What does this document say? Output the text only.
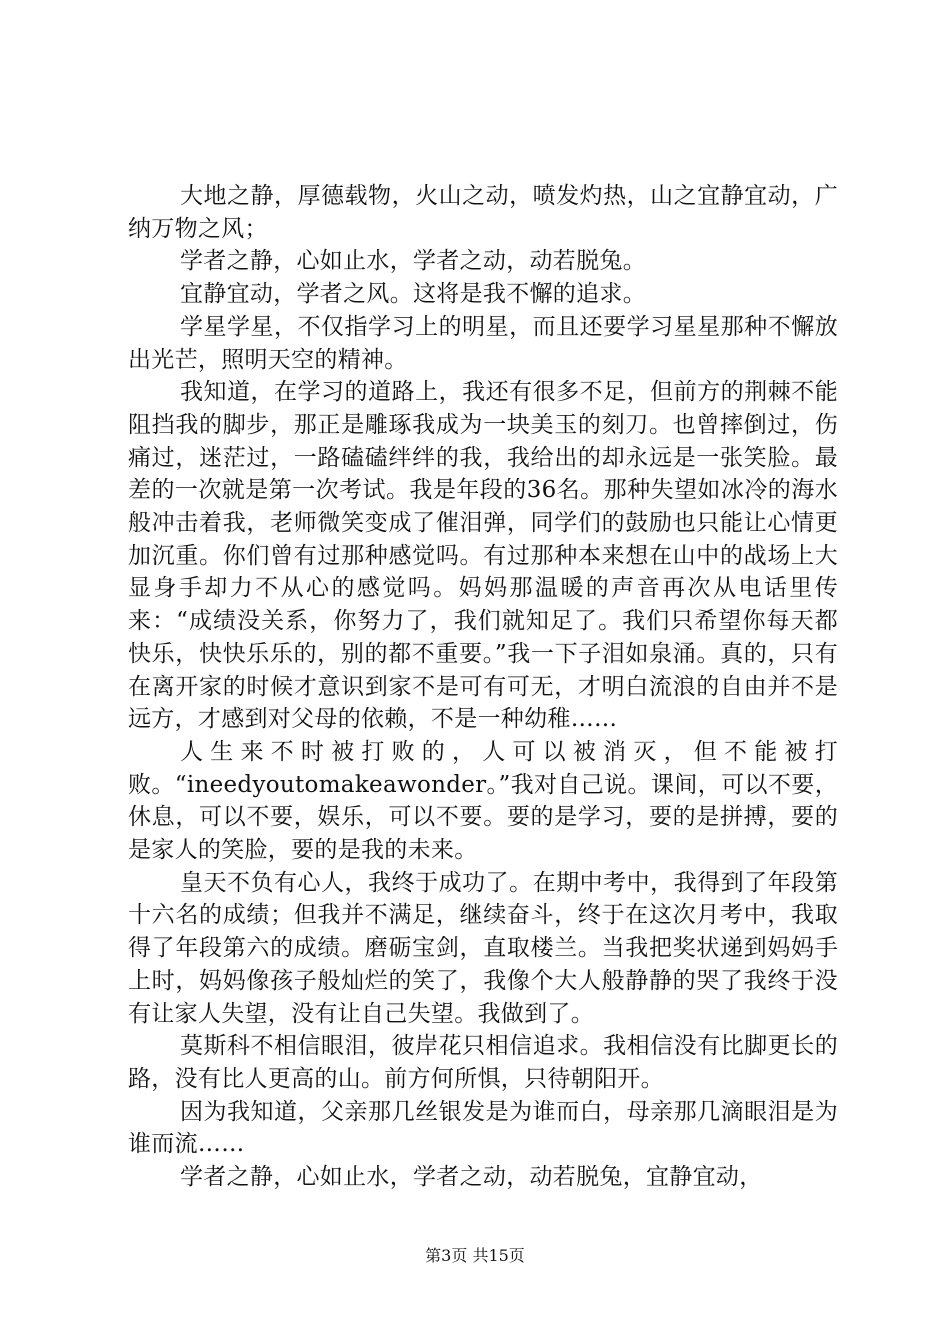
大地之静，厚德载物，火山之动，喷发灼热，山之宜静宜动，广纳万物之风；

学者之静，心如止水，学者之动，动若脱兔。

宜静宜动，学者之风。这将是我不懈的追求。

学星学星，不仅指学习上的明星，而且还要学习星星那种不懈放出光芒，照明天空的精神。

我知道，在学习的道路上，我还有很多不足，但前方的荆棘不能阻挡我的脚步，那正是雕琢我成为一块美玉的刻刀。也曾摔倒过，伤痛过，迷茫过，一路磕磕绊绊的我，我给出的却永远是一张笑脸。最差的一次就是第一次考试。我是年段的36名。那种失望如冰冷的海水般冲击着我，老师微笑变成了催泪弹，同学们的鼓励也只能让心情更加沉重。你们曾有过那种感觉吗。有过那种本来想在山中的战场上大显身手却力不从心的感觉吗。妈妈那温暖的声音再次从电话里传来：“成绩没关系，你努力了，我们就知足了。我们只希望你每天都快乐，快快乐乐的，别的都不重要。”我一下子泪如泉涌。真的，只有在离开家的时候才意识到家不是可有可无，才明白流浪的自由并不是远方，才感到对父母的依赖，不是一种幼稚……

人生来不时被打败的，人可以被消灭，但不能被打败。“ineedyoutomakeawonder。”我对自己说。课间，可以不要，休息，可以不要，娱乐，可以不要。要的是学习，要的是拼搏，要的是家人的笑脸，要的是我的未来。

皇天不负有心人，我终于成功了。在期中考中，我得到了年段第十六名的成绩；但我并不满足，继续奋斗，终于在这次月考中，我取得了年段第六的成绩。磨砺宝剑，直取楼兰。当我把奖状递到妈妈手上时，妈妈像孩子般灿烂的笑了，我像个大人般静静的哭了我终于没有让家人失望，没有让自己失望。我做到了。

莫斯科不相信眼泪，彼岸花只相信追求。我相信没有比脚更长的路，没有比人更高的山。前方何所惧，只待朝阳开。

因为我知道，父亲那几丝银发是为谁而白，母亲那几滴眼泪是为谁而流……

学者之静，心如止水，学者之动，动若脱兔，宜静宜动，

第3页 共15页
